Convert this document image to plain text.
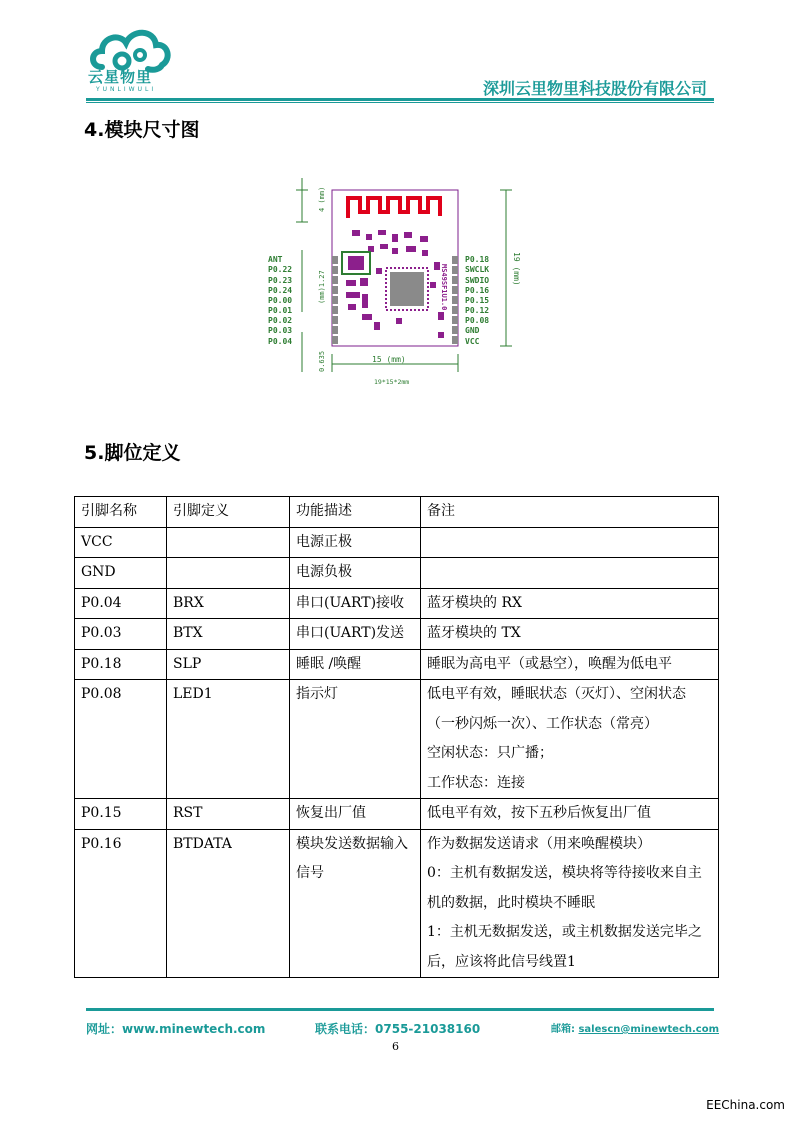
云星物里
YUNLIWULI	深圳云里物里科技股份有限公司
4.模块尺寸图
4 (mm)
(mm)1.27
0.635
19 (mm)
15 (mm)
19*15*2mm
MS49SF1U1.0
ANT
P0.22
P0.23
P0.24
P0.00
P0.01
P0.02
P0.03
P0.04
P0.18
SWCLK
SWDIO
P0.16
P0.15
P0.12
P0.08
GND
VCC
5.脚位定义
引脚名称	引脚定义	功能描述	备注
VCC		电源正极	
GND		电源负极	
P0.04	BRX	串口(UART)接收	蓝牙模块的 RX
P0.03	BTX	串口(UART)发送	蓝牙模块的 TX
P0.18	SLP	睡眠 /唤醒	睡眠为高电平（或悬空），唤醒为低电平
P0.08	LED1	指示灯	低电平有效，睡眠状态（灭灯）、空闲状态（一秒闪烁一次）、工作状态（常亮）
空闲状态：只广播；
工作状态：连接
P0.15	RST	恢复出厂值	低电平有效，按下五秒后恢复出厂值
P0.16	BTDATA	模块发送数据输入信号	作为数据发送请求（用来唤醒模块）
0：主机有数据发送，模块将等待接收来自主机的数据，此时模块不睡眠
1：主机无数据发送，或主机数据发送完毕之后，应该将此信号线置1
网址：www.minewtech.com	联系电话：0755-21038160	邮箱: salescn@minewtech.com
6
EEChina.com
